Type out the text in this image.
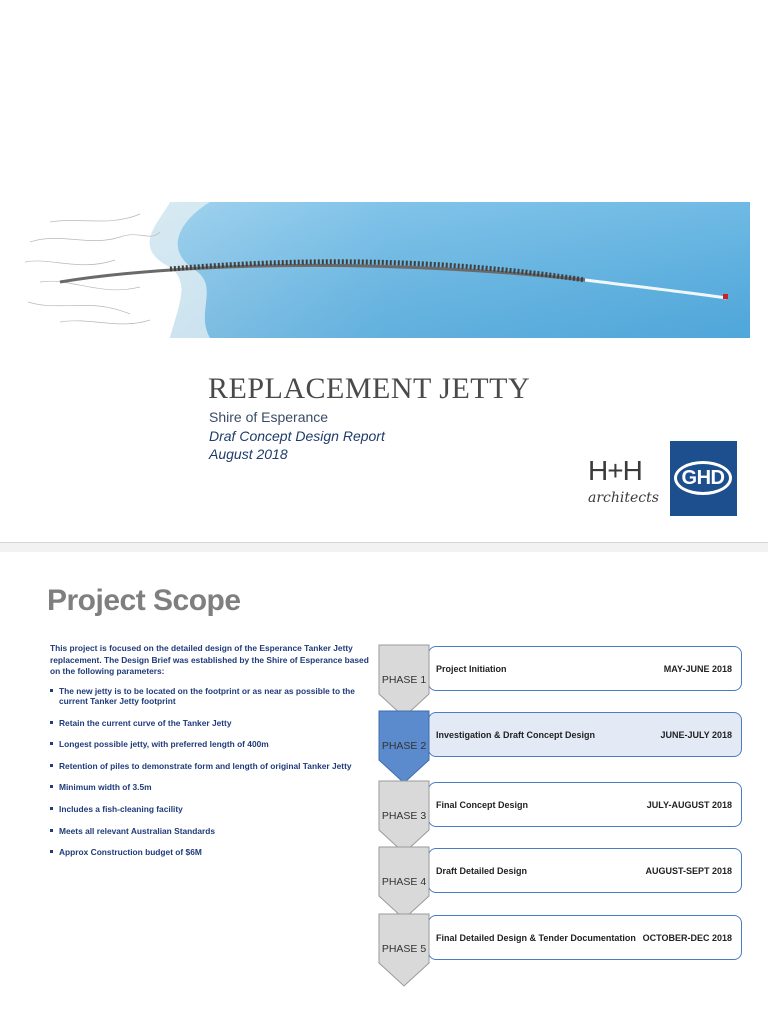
REPLACEMENT JETTY
Shire of Esperance
Draf Concept Design Report
August 2018
H+H
architects
GHD
Project Scope
This project is focused on the detailed design of the Esperance Tanker Jetty replacement. The Design Brief was established by the Shire of Esperance based on the following parameters:
The new jetty is to be located on the footprint or as near as possible to the current Tanker Jetty footprint
Retain the current curve of the Tanker Jetty
Longest possible jetty, with preferred length of 400m
Retention of piles to demonstrate form and length of original Tanker Jetty
Minimum width of 3.5m
Includes a fish-cleaning facility
Meets all relevant Australian Standards
Approx Construction budget of $6M
Project Initiation	MAY-JUNE 2018
PHASE 1
Investigation & Draft Concept Design	JUNE-JULY 2018
PHASE 2
Final Concept Design	JULY-AUGUST 2018
PHASE 3
Draft Detailed Design	AUGUST-SEPT 2018
PHASE 4
Final Detailed Design & Tender Documentation OCTOBER-DEC 2018
PHASE 5
